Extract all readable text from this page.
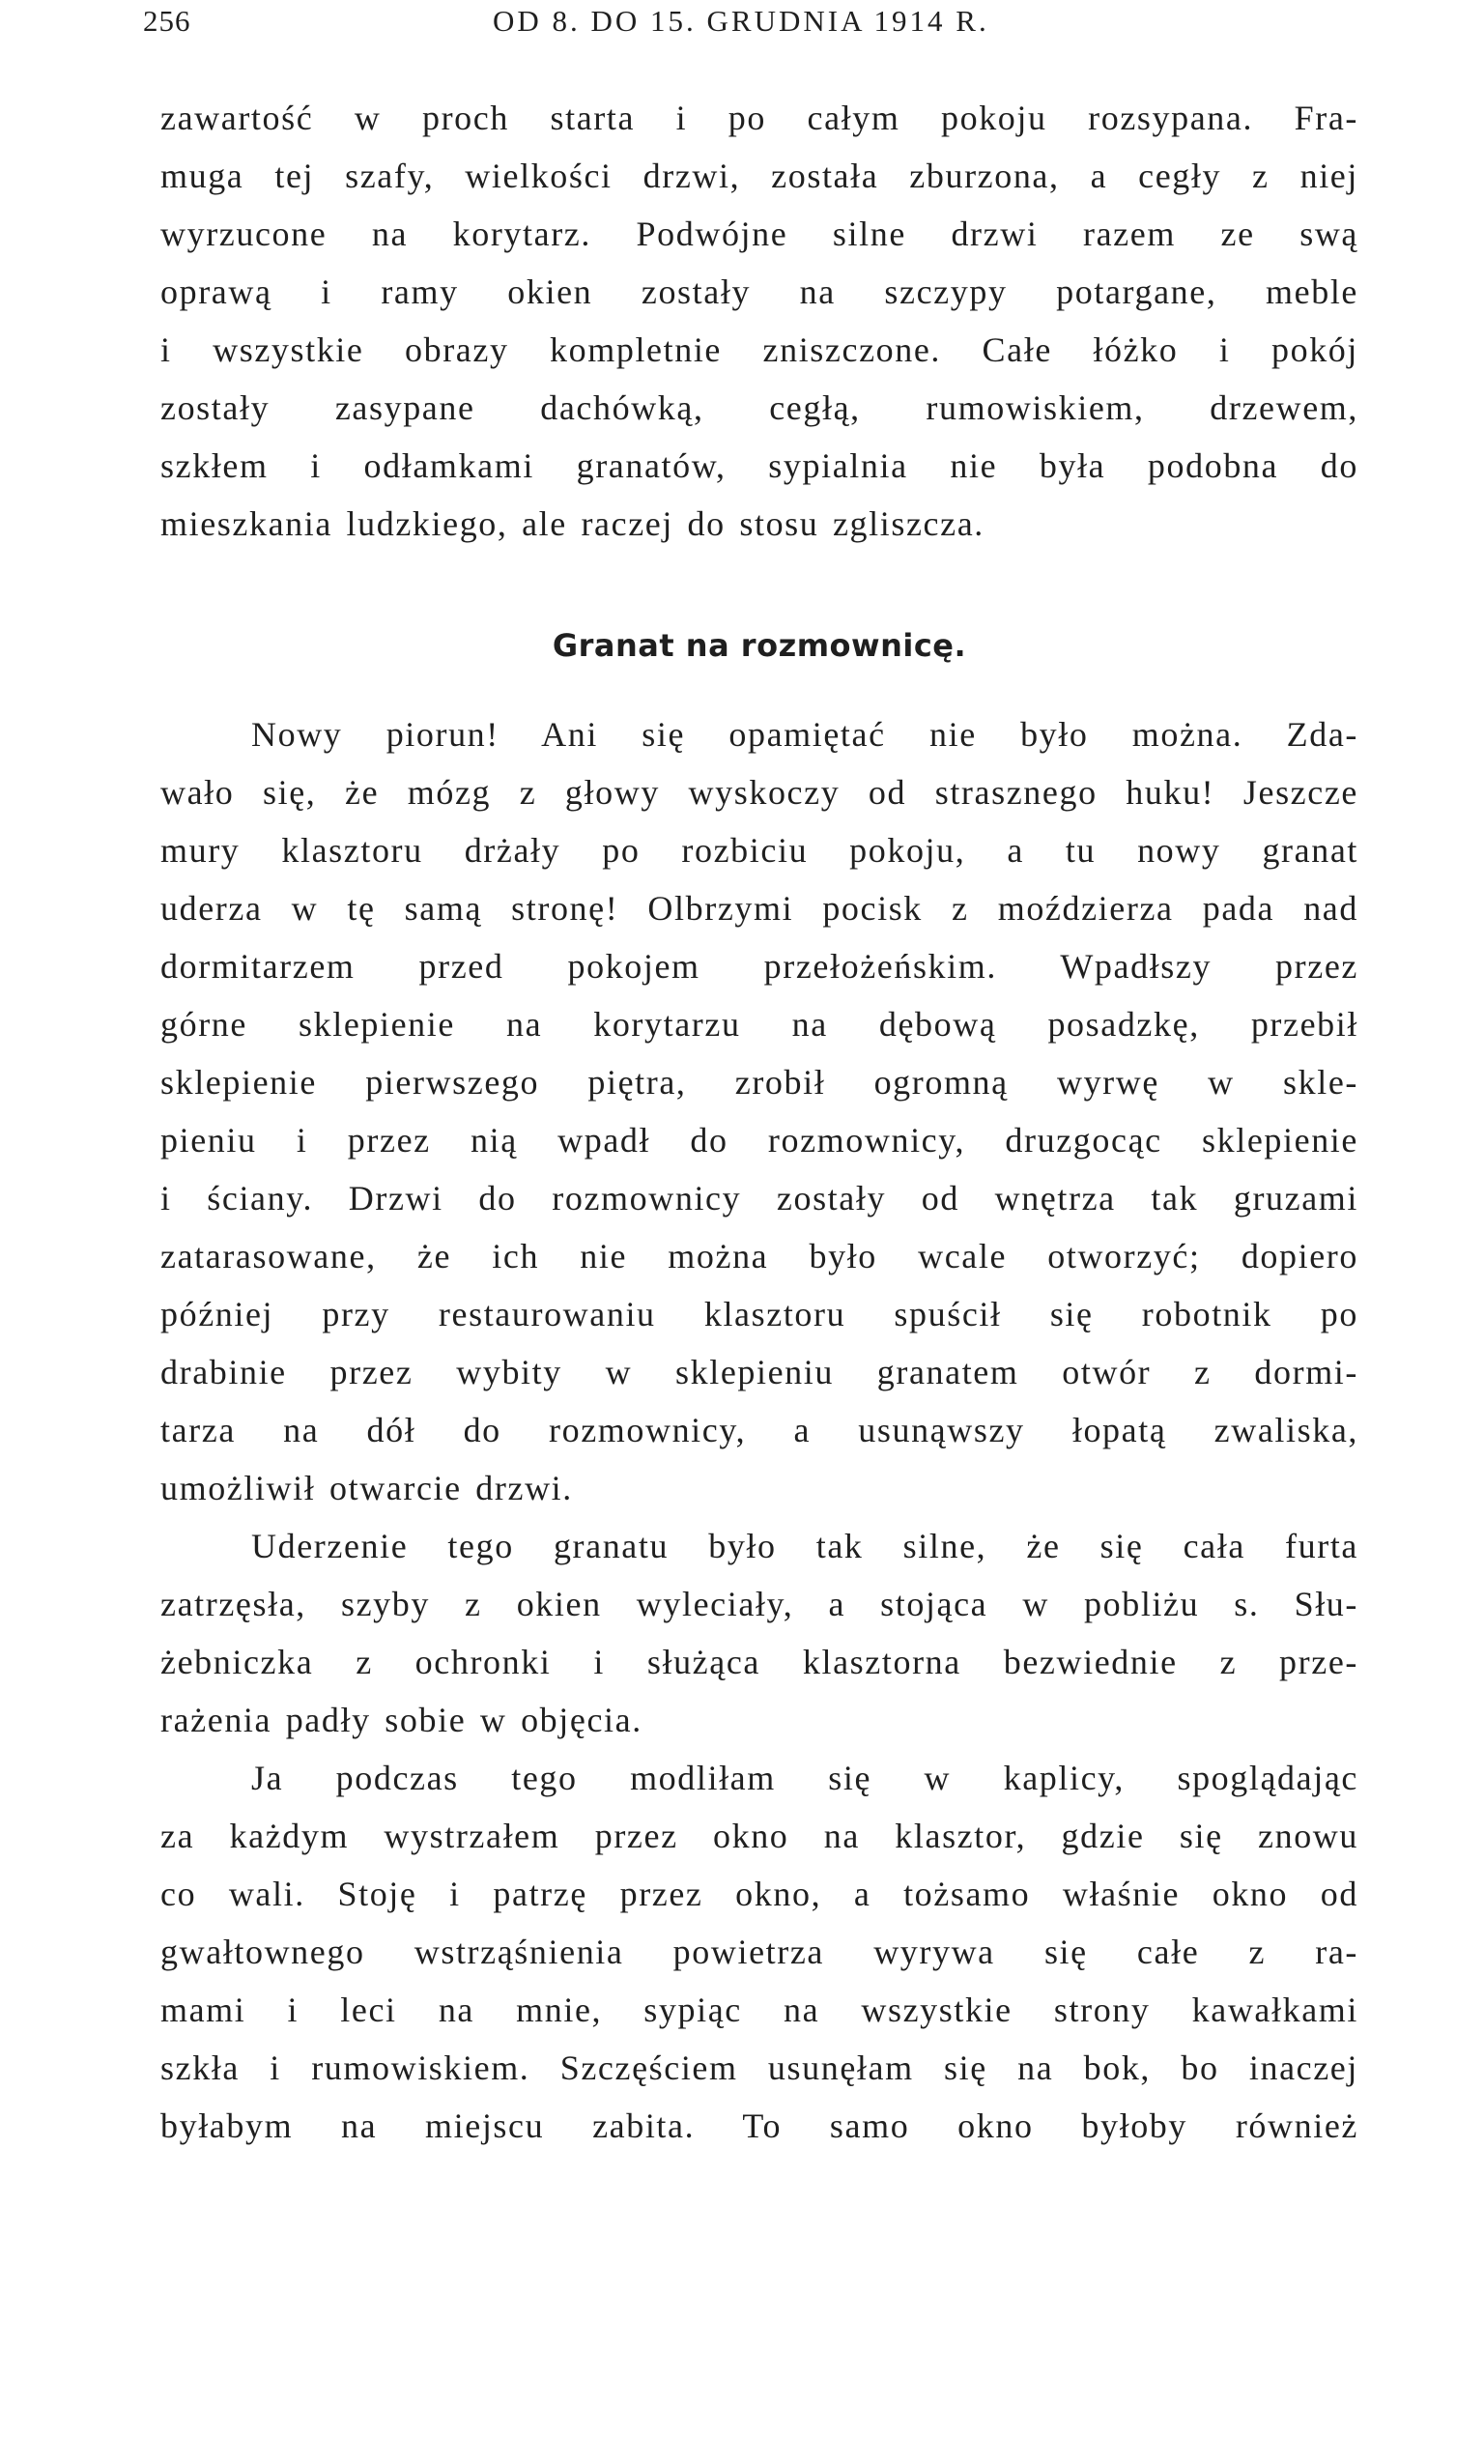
256	OD 8. DO 15. GRUDNIA 1914 R.
zawartość w proch starta i po całym pokoju rozsypana. Fra-
muga tej szafy, wielkości drzwi, została zburzona, a cegły z niej
wyrzucone na korytarz. Podwójne silne drzwi razem ze swą
oprawą i ramy okien zostały na szczypy potargane, meble
i wszystkie obrazy kompletnie zniszczone. Całe łóżko i pokój
zostały zasypane dachówką, cegłą, rumowiskiem, drzewem,
szkłem i odłamkami granatów, sypialnia nie była podobna do
mieszkania ludzkiego, ale raczej do stosu zgliszcza.
Granat na rozmownicę.
Nowy piorun! Ani się opamiętać nie było można. Zda-
wało się, że mózg z głowy wyskoczy od strasznego huku! Jeszcze
mury klasztoru drżały po rozbiciu pokoju, a tu nowy granat
uderza w tę samą stronę! Olbrzymi pocisk z moździerza pada nad
dormitarzem przed pokojem przełożeńskim. Wpadłszy przez
górne sklepienie na korytarzu na dębową posadzkę, przebił
sklepienie pierwszego piętra, zrobił ogromną wyrwę w sklе-
pieniu i przez nią wpadł do rozmownicy, druzgocąc sklepienie
i ściany. Drzwi do rozmownicy zostały od wnętrza tak gruzami
zatarasowane, że ich nie można było wcale otworzyć; dopiero
później przy restaurowaniu klasztoru spuścił się robotnik po
drabinie przez wybity w sklepieniu granatem otwór z dormi-
tarza na dół do rozmownicy, a usunąwszy łopatą zwaliska,
umożliwił otwarcie drzwi.
Uderzenie tego granatu było tak silne, że się cała furta
zatrzęsła, szyby z okien wyleciały, a stojąca w pobliżu s. Słu-
żebniczka z ochronki i służąca klasztorna bezwiednie z prze-
rażenia padły sobie w objęcia.
Ja podczas tego modliłam się w kaplicy, spoglądając
za każdym wystrzałem przez okno na klasztor, gdzie się znowu
co wali. Stoję i patrzę przez okno, a tożsamo właśnie okno od
gwałtownego wstrząśnienia powietrza wyrywa się całe z ra-
mami i leci na mnie, sypiąc na wszystkie strony kawałkami
szkła i rumowiskiem. Szczęściem usunęłam się na bok, bo inaczej
byłabym na miejscu zabita. To samo okno byłoby również
